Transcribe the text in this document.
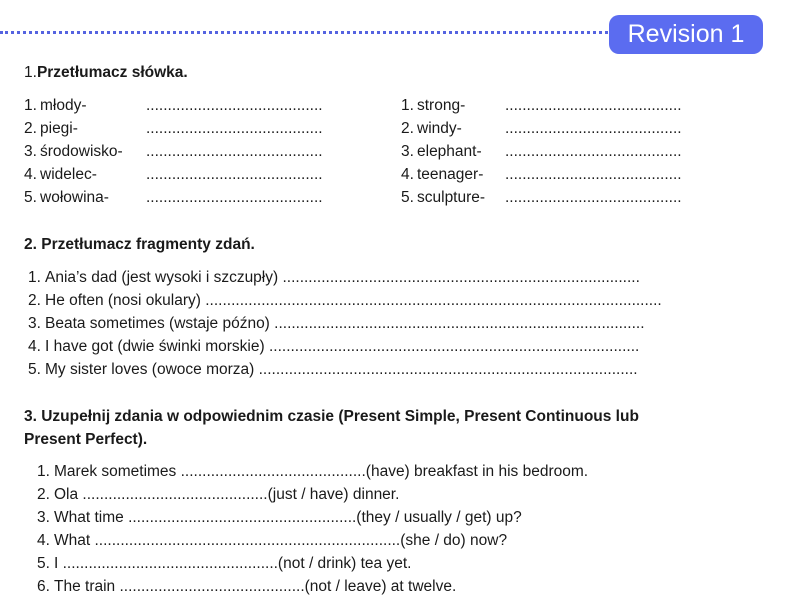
Revision 1
1.Przetłumacz słówka.
1. młody-	.........................................
2. piegi-	.........................................
3. środowisko- .........................................
4. widelec-	.........................................
5. wołowina- .........................................
1. strong-	.........................................
2. windy-	.........................................
3. elephant- .........................................
4. teenager- .........................................
5. sculpture- .........................................
2. Przetłumacz fragmenty zdań.
1. Ania’s dad (jest wysoki i szczupły) ...................................................................................
2. He often (nosi okulary) ..........................................................................................................
3. Beata sometimes (wstaje późno) ......................................................................................
4. I have got (dwie świnki morskie) ......................................................................................
5. My sister loves (owoce morza) ........................................................................................
3. Uzupełnij zdania w odpowiednim czasie (Present Simple, Present Continuous lub
Present Perfect).
1. Marek sometimes ...........................................(have) breakfast in his bedroom.
2. Ola ...........................................(just / have) dinner.
3. What time .....................................................(they / usually / get) up?
4. What .......................................................................(she / do) now?
5. I ..................................................(not / drink) tea yet.
6. The train ...........................................(not / leave) at twelve.
